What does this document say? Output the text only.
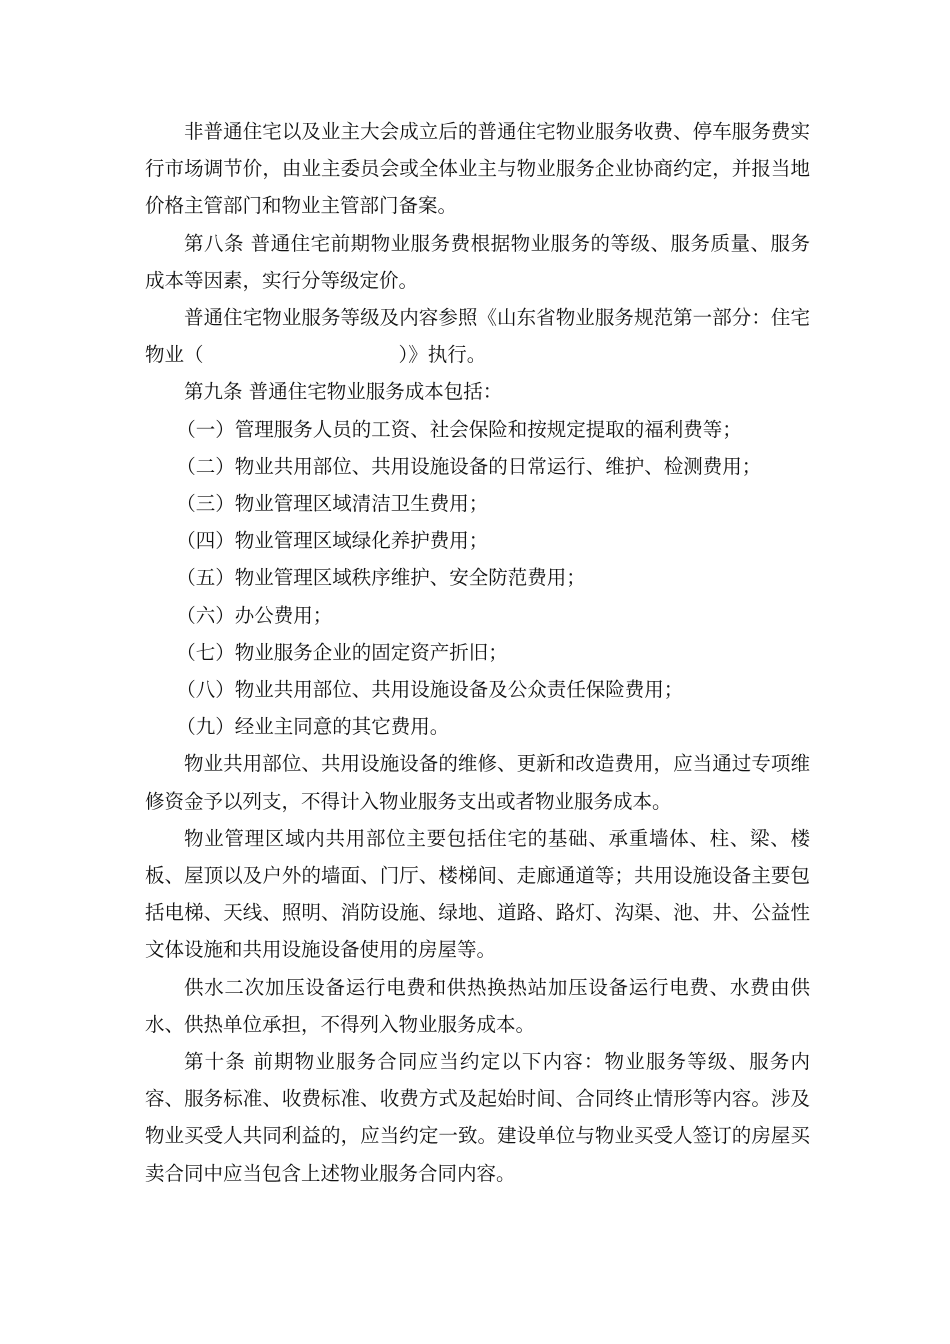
非普通住宅以及业主大会成立后的普通住宅物业服务收费、停车服务费实行市场调节价，由业主委员会或全体业主与物业服务企业协商约定，并报当地价格主管部门和物业主管部门备案。

第八条 普通住宅前期物业服务费根据物业服务的等级、服务质量、服务成本等因素，实行分等级定价。

普通住宅物业服务等级及内容参照《山东省物业服务规范第一部分：住宅物业（　　　　　　　　　　）》执行。

第九条 普通住宅物业服务成本包括：

（一）管理服务人员的工资、社会保险和按规定提取的福利费等；

（二）物业共用部位、共用设施设备的日常运行、维护、检测费用；

（三）物业管理区域清洁卫生费用；

（四）物业管理区域绿化养护费用；

（五）物业管理区域秩序维护、安全防范费用；

（六）办公费用；

（七）物业服务企业的固定资产折旧；

（八）物业共用部位、共用设施设备及公众责任保险费用；

（九）经业主同意的其它费用。

物业共用部位、共用设施设备的维修、更新和改造费用，应当通过专项维修资金予以列支，不得计入物业服务支出或者物业服务成本。

物业管理区域内共用部位主要包括住宅的基础、承重墙体、柱、梁、楼板、屋顶以及户外的墙面、门厅、楼梯间、走廊通道等；共用设施设备主要包括电梯、天线、照明、消防设施、绿地、道路、路灯、沟渠、池、井、公益性文体设施和共用设施设备使用的房屋等。

供水二次加压设备运行电费和供热换热站加压设备运行电费、水费由供水、供热单位承担，不得列入物业服务成本。

第十条 前期物业服务合同应当约定以下内容：物业服务等级、服务内容、服务标准、收费标准、收费方式及起始时间、合同终止情形等内容。涉及物业买受人共同利益的，应当约定一致。建设单位与物业买受人签订的房屋买卖合同中应当包含上述物业服务合同内容。
